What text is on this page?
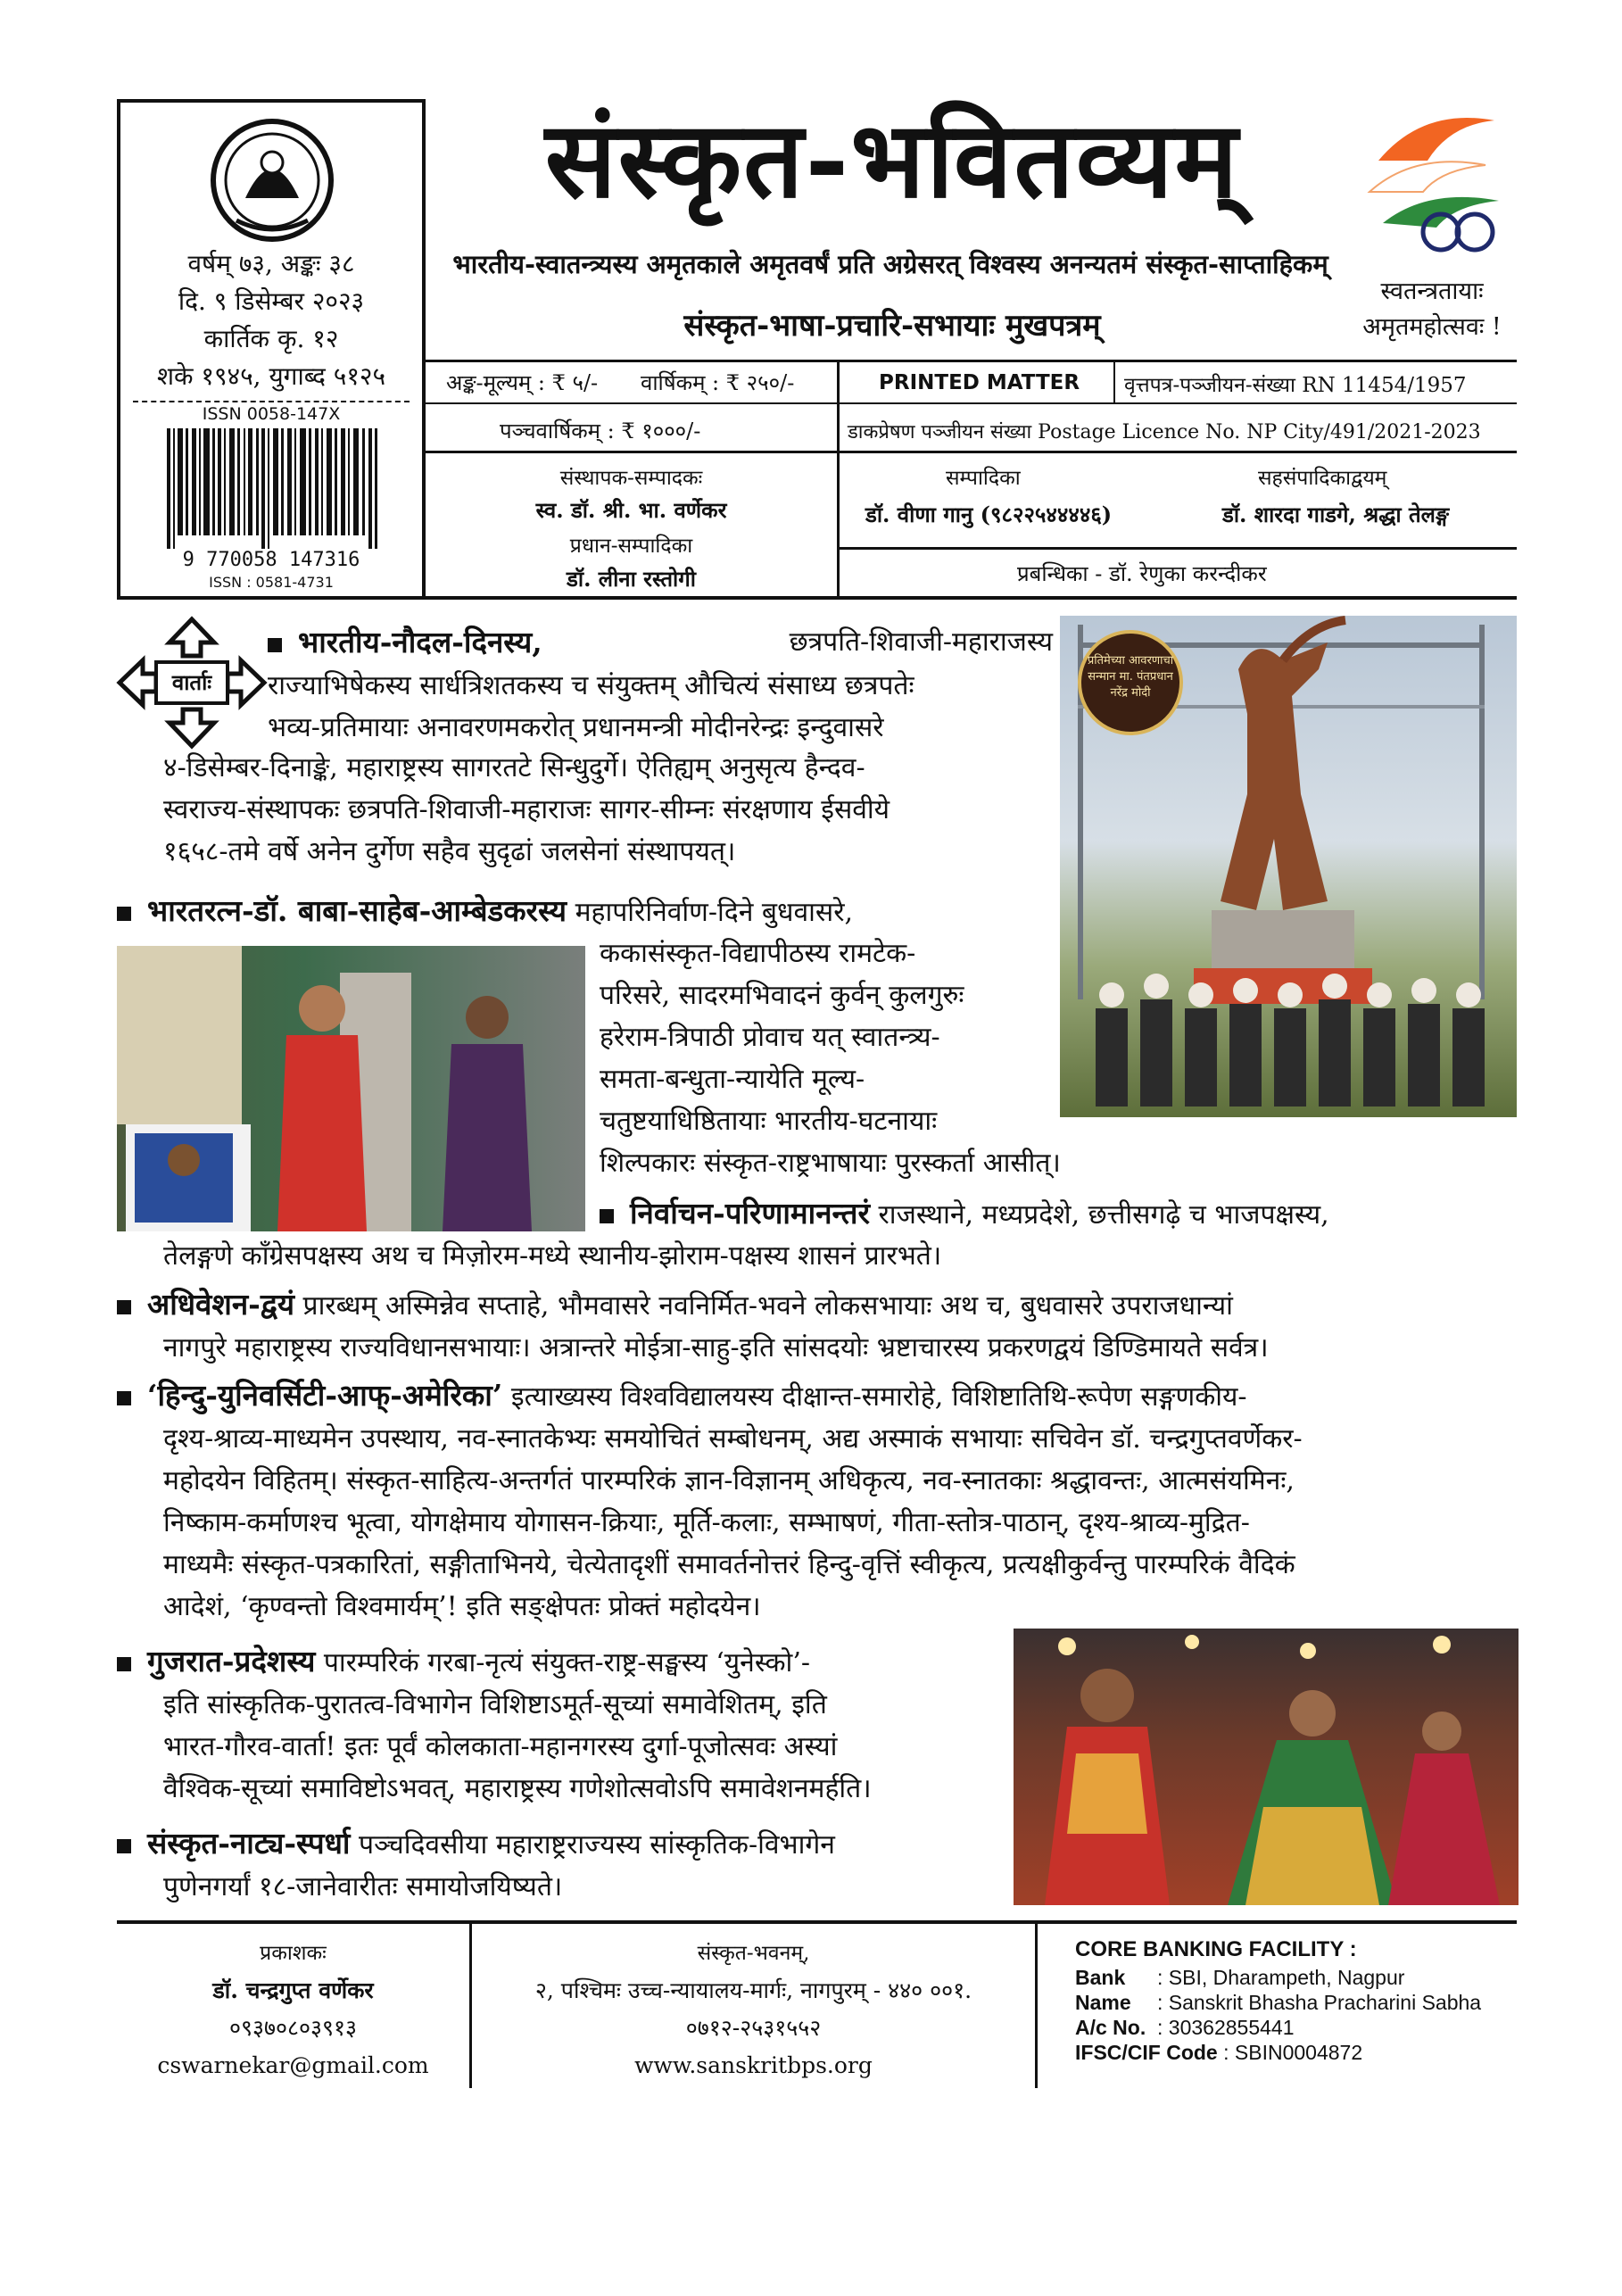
वर्षम् ७३, अङ्कः ३८
दि. ९ डिसेम्बर २०२३
कार्तिक कृ. १२
शके १९४५, युगाब्द ५१२५
ISSN 0058-147X
9 770058 147316
ISSN : 0581-4731
संस्कृत-भवितव्यम्
भारतीय-स्वातन्त्र्यस्य अमृतकाले अमृतवर्षं प्रति अग्रेसरत् विश्वस्य अनन्यतमं संस्कृत-साप्ताहिकम्
संस्कृत-भाषा-प्रचारि-सभायाः मुखपत्रम्
स्वतन्त्रतायाः
अमृतमहोत्सवः !
अङ्क-मूल्यम् : ₹ ५/- वार्षिकम् : ₹ २५०/-	PRINTED MATTER वृत्तपत्र-पञ्जीयन-संख्या RN 11454/1957
पञ्चवार्षिकम् : ₹ १०००/-	डाकप्रेषण पञ्जीयन संख्या Postage Licence No. NP City/491/2021-2023
संस्थापक-सम्पादकः
स्व. डॉ. श्री. भा. वर्णेकर
प्रधान-सम्पादिका
डॉ. लीना रस्तोगी
सम्पादिका
डॉ. वीणा गानु (९८२२५४४४४६)
सहसंपादिकाद्वयम्
डॉ. शारदा गाडगे, श्रद्धा तेलङ्ग
प्रबन्धिका - डॉ. रेणुका करन्दीकर
वार्ताः
भारतीय-नौदल-दिनस्य,	छत्रपति-शिवाजी-महाराजस्य
राज्याभिषेकस्य सार्धत्रिशतकस्य च संयुक्तम् औचित्यं संसाध्य छत्रपतेः
भव्य-प्रतिमायाः अनावरणमकरोत् प्रधानमन्त्री मोदीनरेन्द्रः इन्दुवासरे
४-डिसेम्बर-दिनाङ्के, महाराष्ट्रस्य सागरतटे सिन्धुदुर्गे। ऐतिह्यम् अनुसृत्य हैन्दव-
स्वराज्य-संस्थापकः छत्रपति-शिवाजी-महाराजः सागर-सीम्नः संरक्षणाय ईसवीये
१६५८-तमे वर्षे अनेन दुर्गेण सहैव सुदृढां जलसेनां संस्थापयत्।
प्रतिमेच्या आवरणाचा सन्मान मा. पंतप्रधान नरेंद्र मोदी
भारतरत्न-डॉ. बाबा-साहेब-आम्बेडकरस्य महापरिनिर्वाण-दिने बुधवासरे,
ककासंस्कृत-विद्यापीठस्य रामटेक-
परिसरे, सादरमभिवादनं कुर्वन् कुलगुरुः
हरेराम-त्रिपाठी प्रोवाच यत् स्वातन्त्र्य-
समता-बन्धुता-न्यायेति मूल्य-
चतुष्टयाधिष्ठितायाः भारतीय-घटनायाः
शिल्पकारः संस्कृत-राष्ट्रभाषायाः पुरस्कर्ता आसीत्।
निर्वाचन-परिणामानन्तरं राजस्थाने, मध्यप्रदेशे, छत्तीसगढ़े च भाजपक्षस्य,
तेलङ्गणे काँग्रेसपक्षस्य अथ च मिज़ोरम-मध्ये स्थानीय-झोराम-पक्षस्य शासनं प्रारभते।
अधिवेशन-द्वयं प्रारब्धम् अस्मिन्नेव सप्ताहे, भौमवासरे नवनिर्मित-भवने लोकसभायाः अथ च, बुधवासरे उपराजधान्यां
नागपुरे महाराष्ट्रस्य राज्यविधानसभायाः। अत्रान्तरे मोईत्रा-साहु-इति सांसदयोः भ्रष्टाचारस्य प्रकरणद्वयं डिण्डिमायते सर्वत्र।
‘हिन्दु-युनिवर्सिटी-आफ्-अमेरिका’ इत्याख्यस्य विश्वविद्यालयस्य दीक्षान्त-समारोहे, विशिष्टातिथि-रूपेण सङ्गणकीय-
दृश्य-श्राव्य-माध्यमेन उपस्थाय, नव-स्नातकेभ्यः समयोचितं सम्बोधनम्, अद्य अस्माकं सभायाः सचिवेन डॉ. चन्द्रगुप्तवर्णेकर-
महोदयेन विहितम्। संस्कृत-साहित्य-अन्तर्गतं पारम्परिकं ज्ञान-विज्ञानम् अधिकृत्य, नव-स्नातकाः श्रद्धावन्तः, आत्मसंयमिनः,
निष्काम-कर्माणश्च भूत्वा, योगक्षेमाय योगासन-क्रियाः, मूर्ति-कलाः, सम्भाषणं, गीता-स्तोत्र-पाठान्, दृश्य-श्राव्य-मुद्रित-
माध्यमैः संस्कृत-पत्रकारितां, सङ्गीताभिनये, चेत्येतादृशीं समावर्तनोत्तरं हिन्दु-वृत्तिं स्वीकृत्य, प्रत्यक्षीकुर्वन्तु पारम्परिकं वैदिकं
आदेशं, ‘कृण्वन्तो विश्वमार्यम्’! इति सङ्क्षेपतः प्रोक्तं महोदयेन।
गुजरात-प्रदेशस्य पारम्परिकं गरबा-नृत्यं संयुक्त-राष्ट्र-सङ्घस्य ‘युनेस्को’-
इति सांस्कृतिक-पुरातत्व-विभागेन विशिष्टाऽमूर्त-सूच्यां समावेशितम्, इति
भारत-गौरव-वार्ता! इतः पूर्वं कोलकाता-महानगरस्य दुर्गा-पूजोत्सवः अस्यां
वैश्विक-सूच्यां समाविष्टोऽभवत्, महाराष्ट्रस्य गणेशोत्सवोऽपि समावेशनमर्हति।
संस्कृत-नाट्य-स्पर्धा पञ्चदिवसीया महाराष्ट्रराज्यस्य सांस्कृतिक-विभागेन
पुणेनगर्यां १८-जानेवारीतः समायोजयिष्यते।
प्रकाशकः
डॉ. चन्द्रगुप्त वर्णेकर
०९३७०८०३९१३
cswarnekar@gmail.com
संस्कृत-भवनम्,
२, पश्चिमः उच्च-न्यायालय-मार्गः, नागपुरम् - ४४० ००१.
०७१२-२५३१५५२
www.sanskritbps.org
CORE BANKING FACILITY :
Bank : SBI, Dharampeth, Nagpur
Name : Sanskrit Bhasha Pracharini Sabha
A/c No. : 30362855441
IFSC/CIF Code : SBIN0004872
